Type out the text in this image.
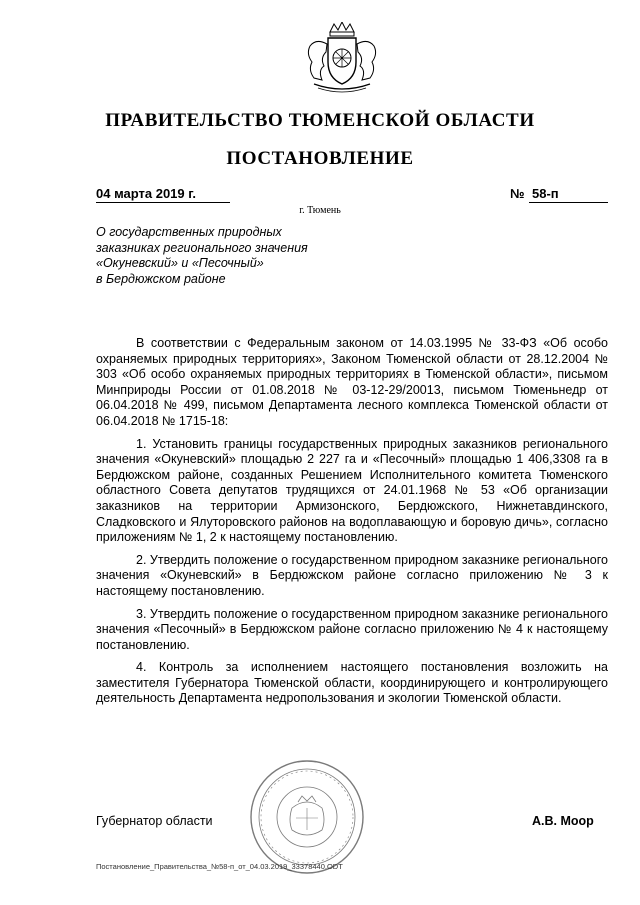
ПРАВИТЕЛЬСТВО ТЮМЕНСКОЙ ОБЛАСТИ
ПОСТАНОВЛЕНИЕ
04 марта 2019 г.	№ 58-п
г. Тюмень
О государственных природных
заказниках регионального значения
«Окуневский» и «Песочный»
в Бердюжском районе

В соответствии с Федеральным законом от 14.03.1995 № 33-ФЗ «Об особо охраняемых природных территориях», Законом Тюменской области от 28.12.2004 № 303 «Об особо охраняемых природных территориях в Тюменской области», письмом Минприроды России от 01.08.2018 № 03-12-29/20013, письмом Тюменьнедр от 06.04.2018 № 499, письмом Департамента лесного комплекса Тюменской области от 06.04.2018 № 1715-18:

1. Установить границы государственных природных заказников регионального значения «Окуневский» площадью 2 227 га и «Песочный» площадью 1 406,3308 га в Бердюжском районе, созданных Решением Исполнительного комитета Тюменского областного Совета депутатов трудящихся от 24.01.1968 № 53 «Об организации заказников на территории Армизонского, Бердюжского, Нижнетавдинского, Сладковского и Ялуторовского районов на водоплавающую и боровую дичь», согласно приложениям № 1, 2 к настоящему постановлению.

2. Утвердить положение о государственном природном заказнике регионального значения «Окуневский» в Бердюжском районе согласно приложению № 3 к настоящему постановлению.

3. Утвердить положение о государственном природном заказнике регионального значения «Песочный» в Бердюжском районе согласно приложению № 4 к настоящему постановлению.

4. Контроль за исполнением настоящего постановления возложить на заместителя Губернатора Тюменской области, координирующего и контролирующего деятельность Департамента недропользования и экологии Тюменской области.

Губернатор области	А.В. Моор
Постановление_Правительства_№58-п_от_04.03.2019_33378440.ODT
